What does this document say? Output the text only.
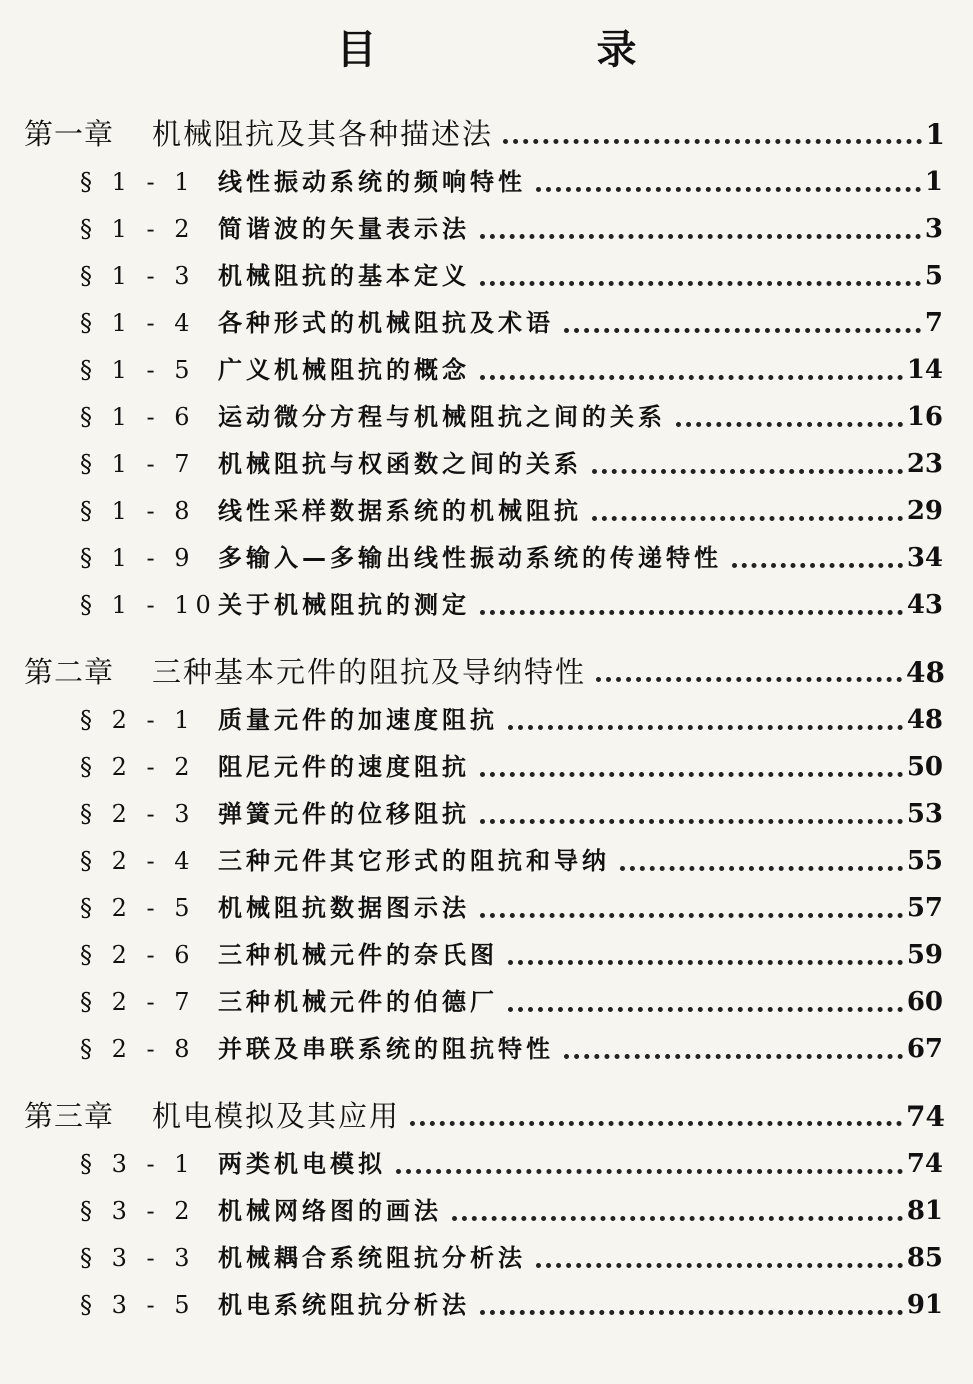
目　录
第一章	机械阻抗及其各种描述法	1
§ 1 - 1 线性振动系统的频响特性	1
§ 1 - 2 简谐波的矢量表示法	3
§ 1 - 3 机械阻抗的基本定义	5
§ 1 - 4 各种形式的机械阻抗及术语	7
§ 1 - 5 广义机械阻抗的概念	14
§ 1 - 6 运动微分方程与机械阻抗之间的关系	16
§ 1 - 7 机械阻抗与权函数之间的关系	23
§ 1 - 8 线性采样数据系统的机械阻抗	29
§ 1 - 9 多输入—多输出线性振动系统的传递特性	34
§ 1 - 10 关于机械阻抗的测定	43
第二章	三种基本元件的阻抗及导纳特性	48
§ 2 - 1 质量元件的加速度阻抗	48
§ 2 - 2 阻尼元件的速度阻抗	50
§ 2 - 3 弹簧元件的位移阻抗	53
§ 2 - 4 三种元件其它形式的阻抗和导纳	55
§ 2 - 5 机械阻抗数据图示法	57
§ 2 - 6 三种机械元件的奈氏图	59
§ 2 - 7 三种机械元件的伯德厂	60
§ 2 - 8 并联及串联系统的阻抗特性	67
第三章	机电模拟及其应用	74
§ 3 - 1 两类机电模拟	74
§ 3 - 2 机械网络图的画法	81
§ 3 - 3 机械耦合系统阻抗分析法	85
§ 3 - 5 机电系统阻抗分析法	91
